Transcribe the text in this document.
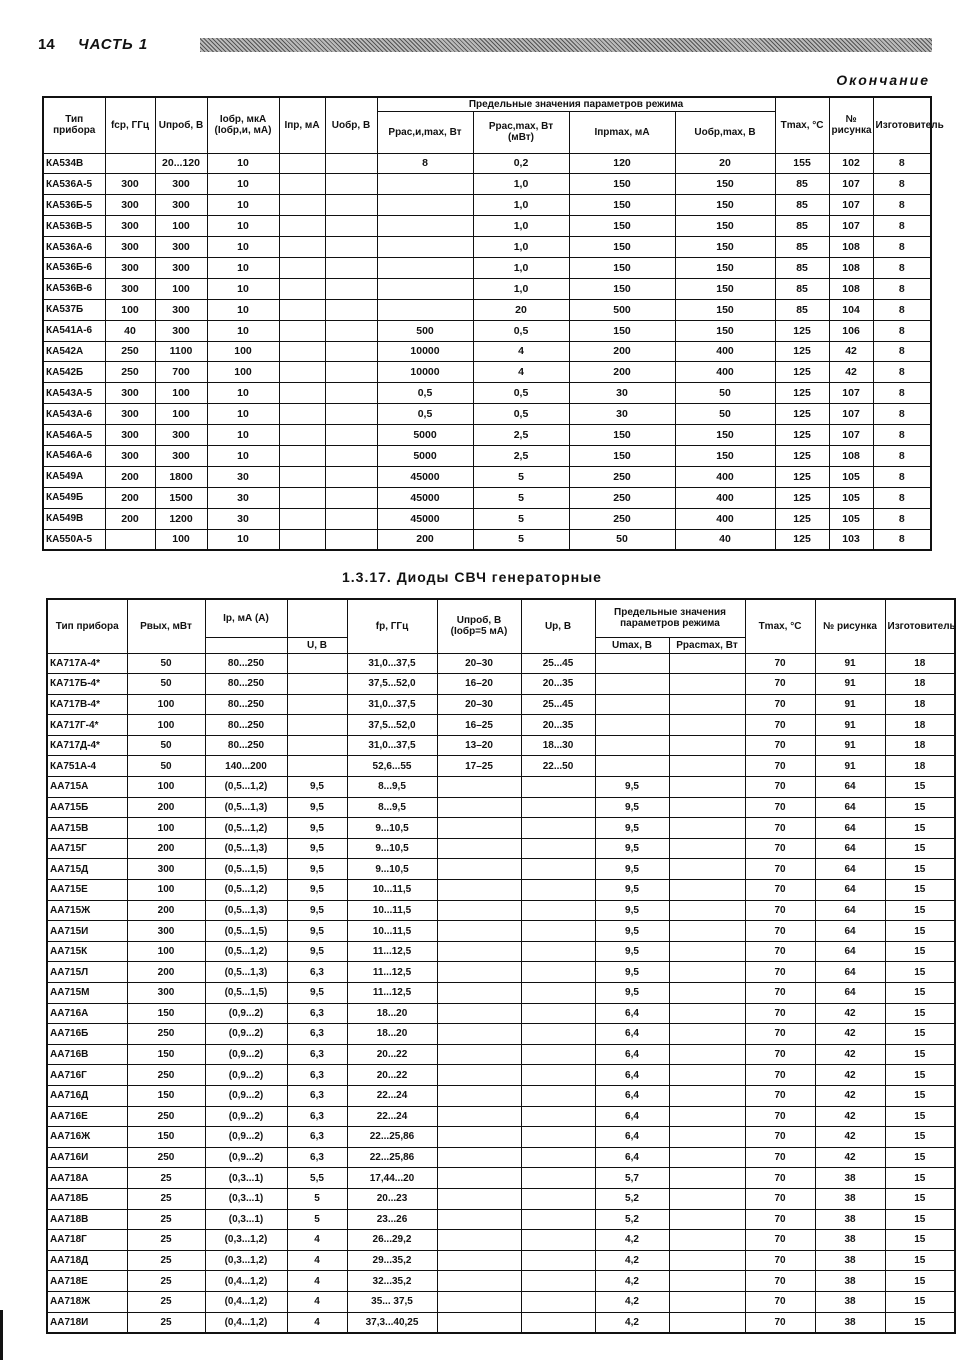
14 ЧАСТЬ 1
Окончание
Тип прибора	fcp, ГГц	Uпроб, В	Iобр, мкА (Iобр,и, мА)	Iпр, мА	Uобр, В	Предельные значения параметров режима				Тmax, °С	№ рисунка	Изготовитель
						Ррас,и,max, Вт	Ррас,max, Вт (мВт)	Iпрmax, мА	Uобр,max, В			
КА534В		20...120	10			8	0,2	120	20	155	102	8
КА536А-5	300	300	10				1,0	150	150	85	107	8
КА536Б-5	300	300	10				1,0	150	150	85	107	8
КА536В-5	300	100	10				1,0	150	150	85	107	8
КА536А-6	300	300	10				1,0	150	150	85	108	8
КА536Б-6	300	300	10				1,0	150	150	85	108	8
КА536В-6	300	100	10				1,0	150	150	85	108	8
КА537Б	100	300	10				20	500	150	85	104	8
КА541А-6	40	300	10			500	0,5	150	150	125	106	8
КА542А	250	1100	100			10000	4	200	400	125	42	8
КА542Б	250	700	100			10000	4	200	400	125	42	8
КА543А-5	300	100	10			0,5	0,5	30	50	125	107	8
КА543А-6	300	100	10			0,5	0,5	30	50	125	107	8
КА546А-5	300	300	10			5000	2,5	150	150	125	107	8
КА546А-6	300	300	10			5000	2,5	150	150	125	108	8
КА549А	200	1800	30			45000	5	250	400	125	105	8
КА549Б	200	1500	30			45000	5	250	400	125	105	8
КА549В	200	1200	30			45000	5	250	400	125	105	8
КА550А-5		100	10			200	5	50	40	125	103	8
1.3.17. Диоды СВЧ генераторные
Тип прибора	Рвых, мВт	Iр, мА (А)		fр, ГГц	Uпроб, В (Iобр=5 мА)	Uр, В	Предельные значения параметров режима		Тmax, °С	№ рисунка	Изготовитель
			U, В				Umax, В	Ррасmax, Вт			
КА717А-4*	50	80...250		31,0...37,5	20–30	25...45			70	91	18
КА717Б-4*	50	80...250		37,5...52,0	16–20	20...35			70	91	18
КА717В-4*	100	80...250		31,0...37,5	20–30	25...45			70	91	18
КА717Г-4*	100	80...250		37,5...52,0	16–25	20...35			70	91	18
КА717Д-4*	50	80...250		31,0...37,5	13–20	18...30			70	91	18
КА751А-4	50	140...200		52,6...55	17–25	22...50			70	91	18
АА715А	100	(0,5...1,2)	9,5	8...9,5			9,5		70	64	15
АА715Б	200	(0,5...1,3)	9,5	8...9,5			9,5		70	64	15
АА715В	100	(0,5...1,2)	9,5	9...10,5			9,5		70	64	15
АА715Г	200	(0,5...1,3)	9,5	9...10,5			9,5		70	64	15
АА715Д	300	(0,5...1,5)	9,5	9...10,5			9,5		70	64	15
АА715Е	100	(0,5...1,2)	9,5	10...11,5			9,5		70	64	15
АА715Ж	200	(0,5...1,3)	9,5	10...11,5			9,5		70	64	15
АА715И	300	(0,5...1,5)	9,5	10...11,5			9,5		70	64	15
АА715К	100	(0,5...1,2)	9,5	11...12,5			9,5		70	64	15
АА715Л	200	(0,5...1,3)	6,3	11...12,5			9,5		70	64	15
АА715М	300	(0,5...1,5)	9,5	11...12,5			9,5		70	64	15
АА716А	150	(0,9...2)	6,3	18...20			6,4		70	42	15
АА716Б	250	(0,9...2)	6,3	18...20			6,4		70	42	15
АА716В	150	(0,9...2)	6,3	20...22			6,4		70	42	15
АА716Г	250	(0,9...2)	6,3	20...22			6,4		70	42	15
АА716Д	150	(0,9...2)	6,3	22...24			6,4		70	42	15
АА716Е	250	(0,9...2)	6,3	22...24			6,4		70	42	15
АА716Ж	150	(0,9...2)	6,3	22...25,86			6,4		70	42	15
АА716И	250	(0,9...2)	6,3	22...25,86			6,4		70	42	15
АА718А	25	(0,3...1)	5,5	17,44...20			5,7		70	38	15
АА718Б	25	(0,3...1)	5	20...23			5,2		70	38	15
АА718В	25	(0,3...1)	5	23...26			5,2		70	38	15
АА718Г	25	(0,3...1,2)	4	26...29,2			4,2		70	38	15
АА718Д	25	(0,3...1,2)	4	29...35,2			4,2		70	38	15
АА718Е	25	(0,4...1,2)	4	32...35,2			4,2		70	38	15
АА718Ж	25	(0,4...1,2)	4	35... 37,5			4,2		70	38	15
АА718И	25	(0,4...1,2)	4	37,3...40,25			4,2		70	38	15
